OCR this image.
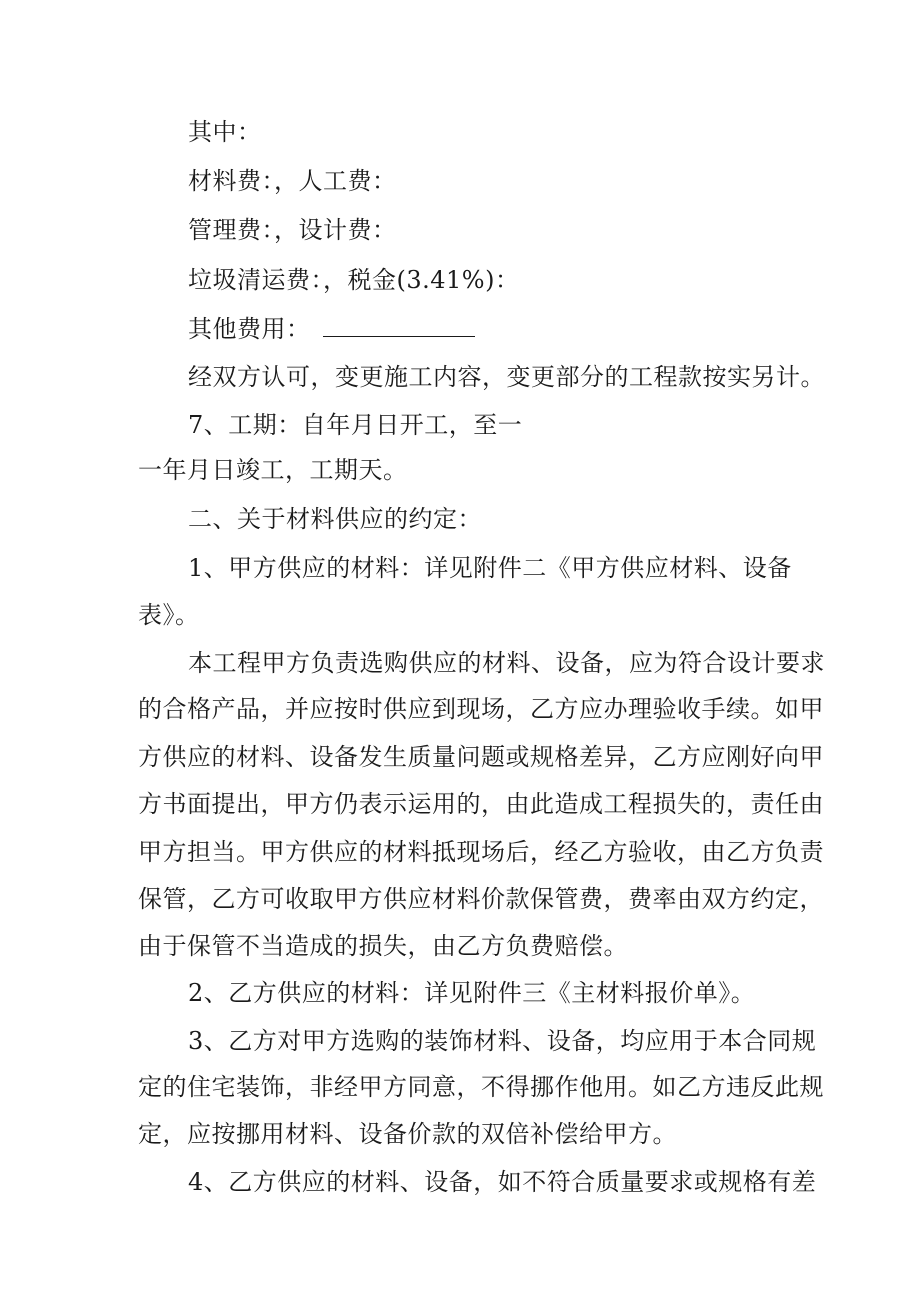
其中：
材料费：，人工费：
管理费：，设计费：
垃圾清运费：，税金(3.41%)：
其他费用：
经双方认可，变更施工内容，变更部分的工程款按实另计。
7、工期：自年月日开工，至一
一年月日竣工，工期天。
二、关于材料供应的约定：
1、甲方供应的材料：详见附件二《甲方供应材料、设备
表》。
本工程甲方负责选购供应的材料、设备，应为符合设计要求
的合格产品，并应按时供应到现场，乙方应办理验收手续。如甲
方供应的材料、设备发生质量问题或规格差异，乙方应刚好向甲
方书面提出，甲方仍表示运用的，由此造成工程损失的，责任由
甲方担当。甲方供应的材料抵现场后，经乙方验收，由乙方负责
保管，乙方可收取甲方供应材料价款保管费，费率由双方约定，
由于保管不当造成的损失，由乙方负费赔偿。
2、乙方供应的材料：详见附件三《主材料报价单》。
3、乙方对甲方选购的装饰材料、设备，均应用于本合同规
定的住宅装饰，非经甲方同意，不得挪作他用。如乙方违反此规
定，应按挪用材料、设备价款的双倍补偿给甲方。
4、乙方供应的材料、设备，如不符合质量要求或规格有差
